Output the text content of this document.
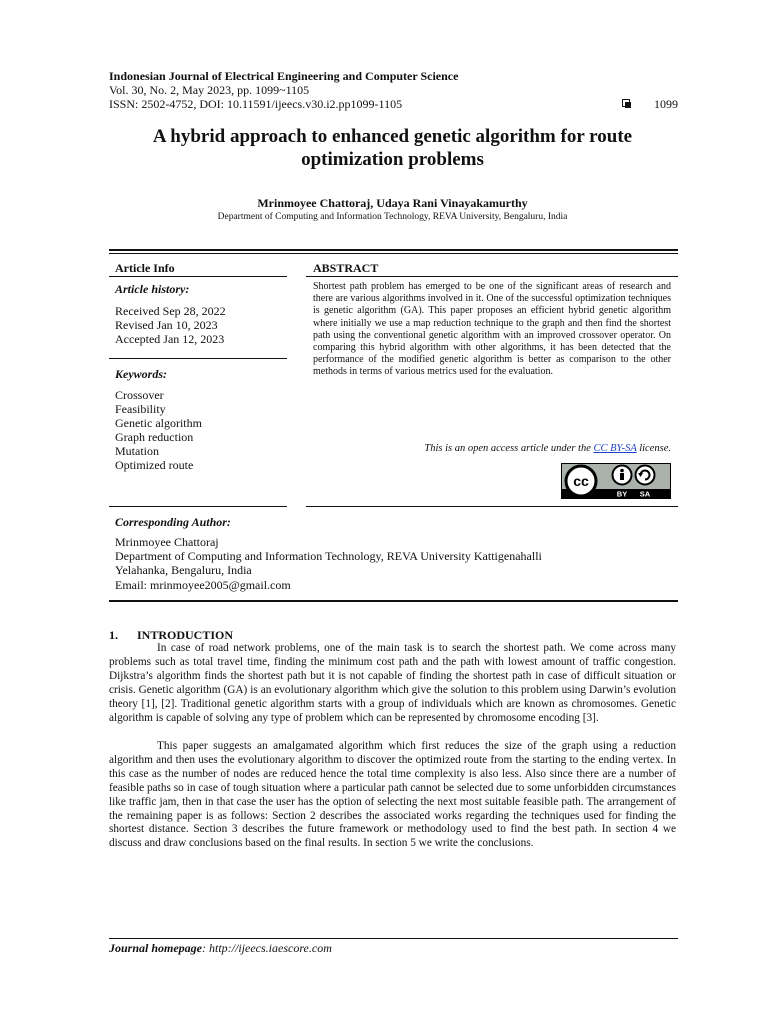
Indonesian Journal of Electrical Engineering and Computer Science
Vol. 30, No. 2, May 2023, pp. 1099~1105
ISSN: 2502-4752, DOI: 10.11591/ijeecs.v30.i2.pp1099-1105	1099
A hybrid approach to enhanced genetic algorithm for route
optimization problems
Mrinmoyee Chattoraj, Udaya Rani Vinayakamurthy
Department of Computing and Information Technology, REVA University, Bengaluru, India
Article Info
Article history:
Received Sep 28, 2022
Revised Jan 10, 2023
Accepted Jan 12, 2023
Keywords:
Crossover
Feasibility
Genetic algorithm
Graph reduction
Mutation
Optimized route
ABSTRACT
Shortest path problem has emerged to be one of the significant areas of research and there are various algorithms involved in it. One of the successful optimization techniques is genetic algorithm (GA). This paper proposes an efficient hybrid genetic algorithm where initially we use a map reduction technique to the graph and then find the shortest path using the conventional genetic algorithm with an improved crossover operator. On comparing this hybrid algorithm with other algorithms, it has been detected that the performance of the modified genetic algorithm is better as comparison to the other methods in terms of various metrics used for the evaluation.
This is an open access article under the CC BY-SA license.
cc
BY SA
Corresponding Author:
Mrinmoyee Chattoraj
Department of Computing and Information Technology, REVA University Kattigenahalli
Yelahanka, Bengaluru, India
Email: mrinmoyee2005@gmail.com
1. INTRODUCTION
In case of road network problems, one of the main task is to search the shortest path. We come across many problems such as total travel time, finding the minimum cost path and the path with lowest amount of traffic congestion. Dijkstra’s algorithm finds the shortest path but it is not capable of finding the shortest path in case of difficult situation or crisis. Genetic algorithm (GA) is an evolutionary algorithm which give the solution to this problem using Darwin’s evolution theory [1], [2]. Traditional genetic algorithm starts with a group of individuals which are known as chromosomes. Genetic algorithm is capable of solving any type of problem which can be represented by chromosome encoding [3].
This paper suggests an amalgamated algorithm which first reduces the size of the graph using a reduction algorithm and then uses the evolutionary algorithm to discover the optimized route from the starting to the ending vertex. In this case as the number of nodes are reduced hence the total time complexity is also less. Also since there are a number of feasible paths so in case of tough situation where a particular path cannot be selected due to some unforbidden circumstances like traffic jam, then in that case the user has the option of selecting the next most suitable feasible path. The arrangement of the remaining paper is as follows: Section 2 describes the associated works regarding the techniques used for finding the shortest distance. Section 3 describes the future framework or methodology used to find the best path. In section 4 we discuss and draw conclusions based on the final results. In section 5 we write the conclusions.
Journal homepage: http://ijeecs.iaescore.com
